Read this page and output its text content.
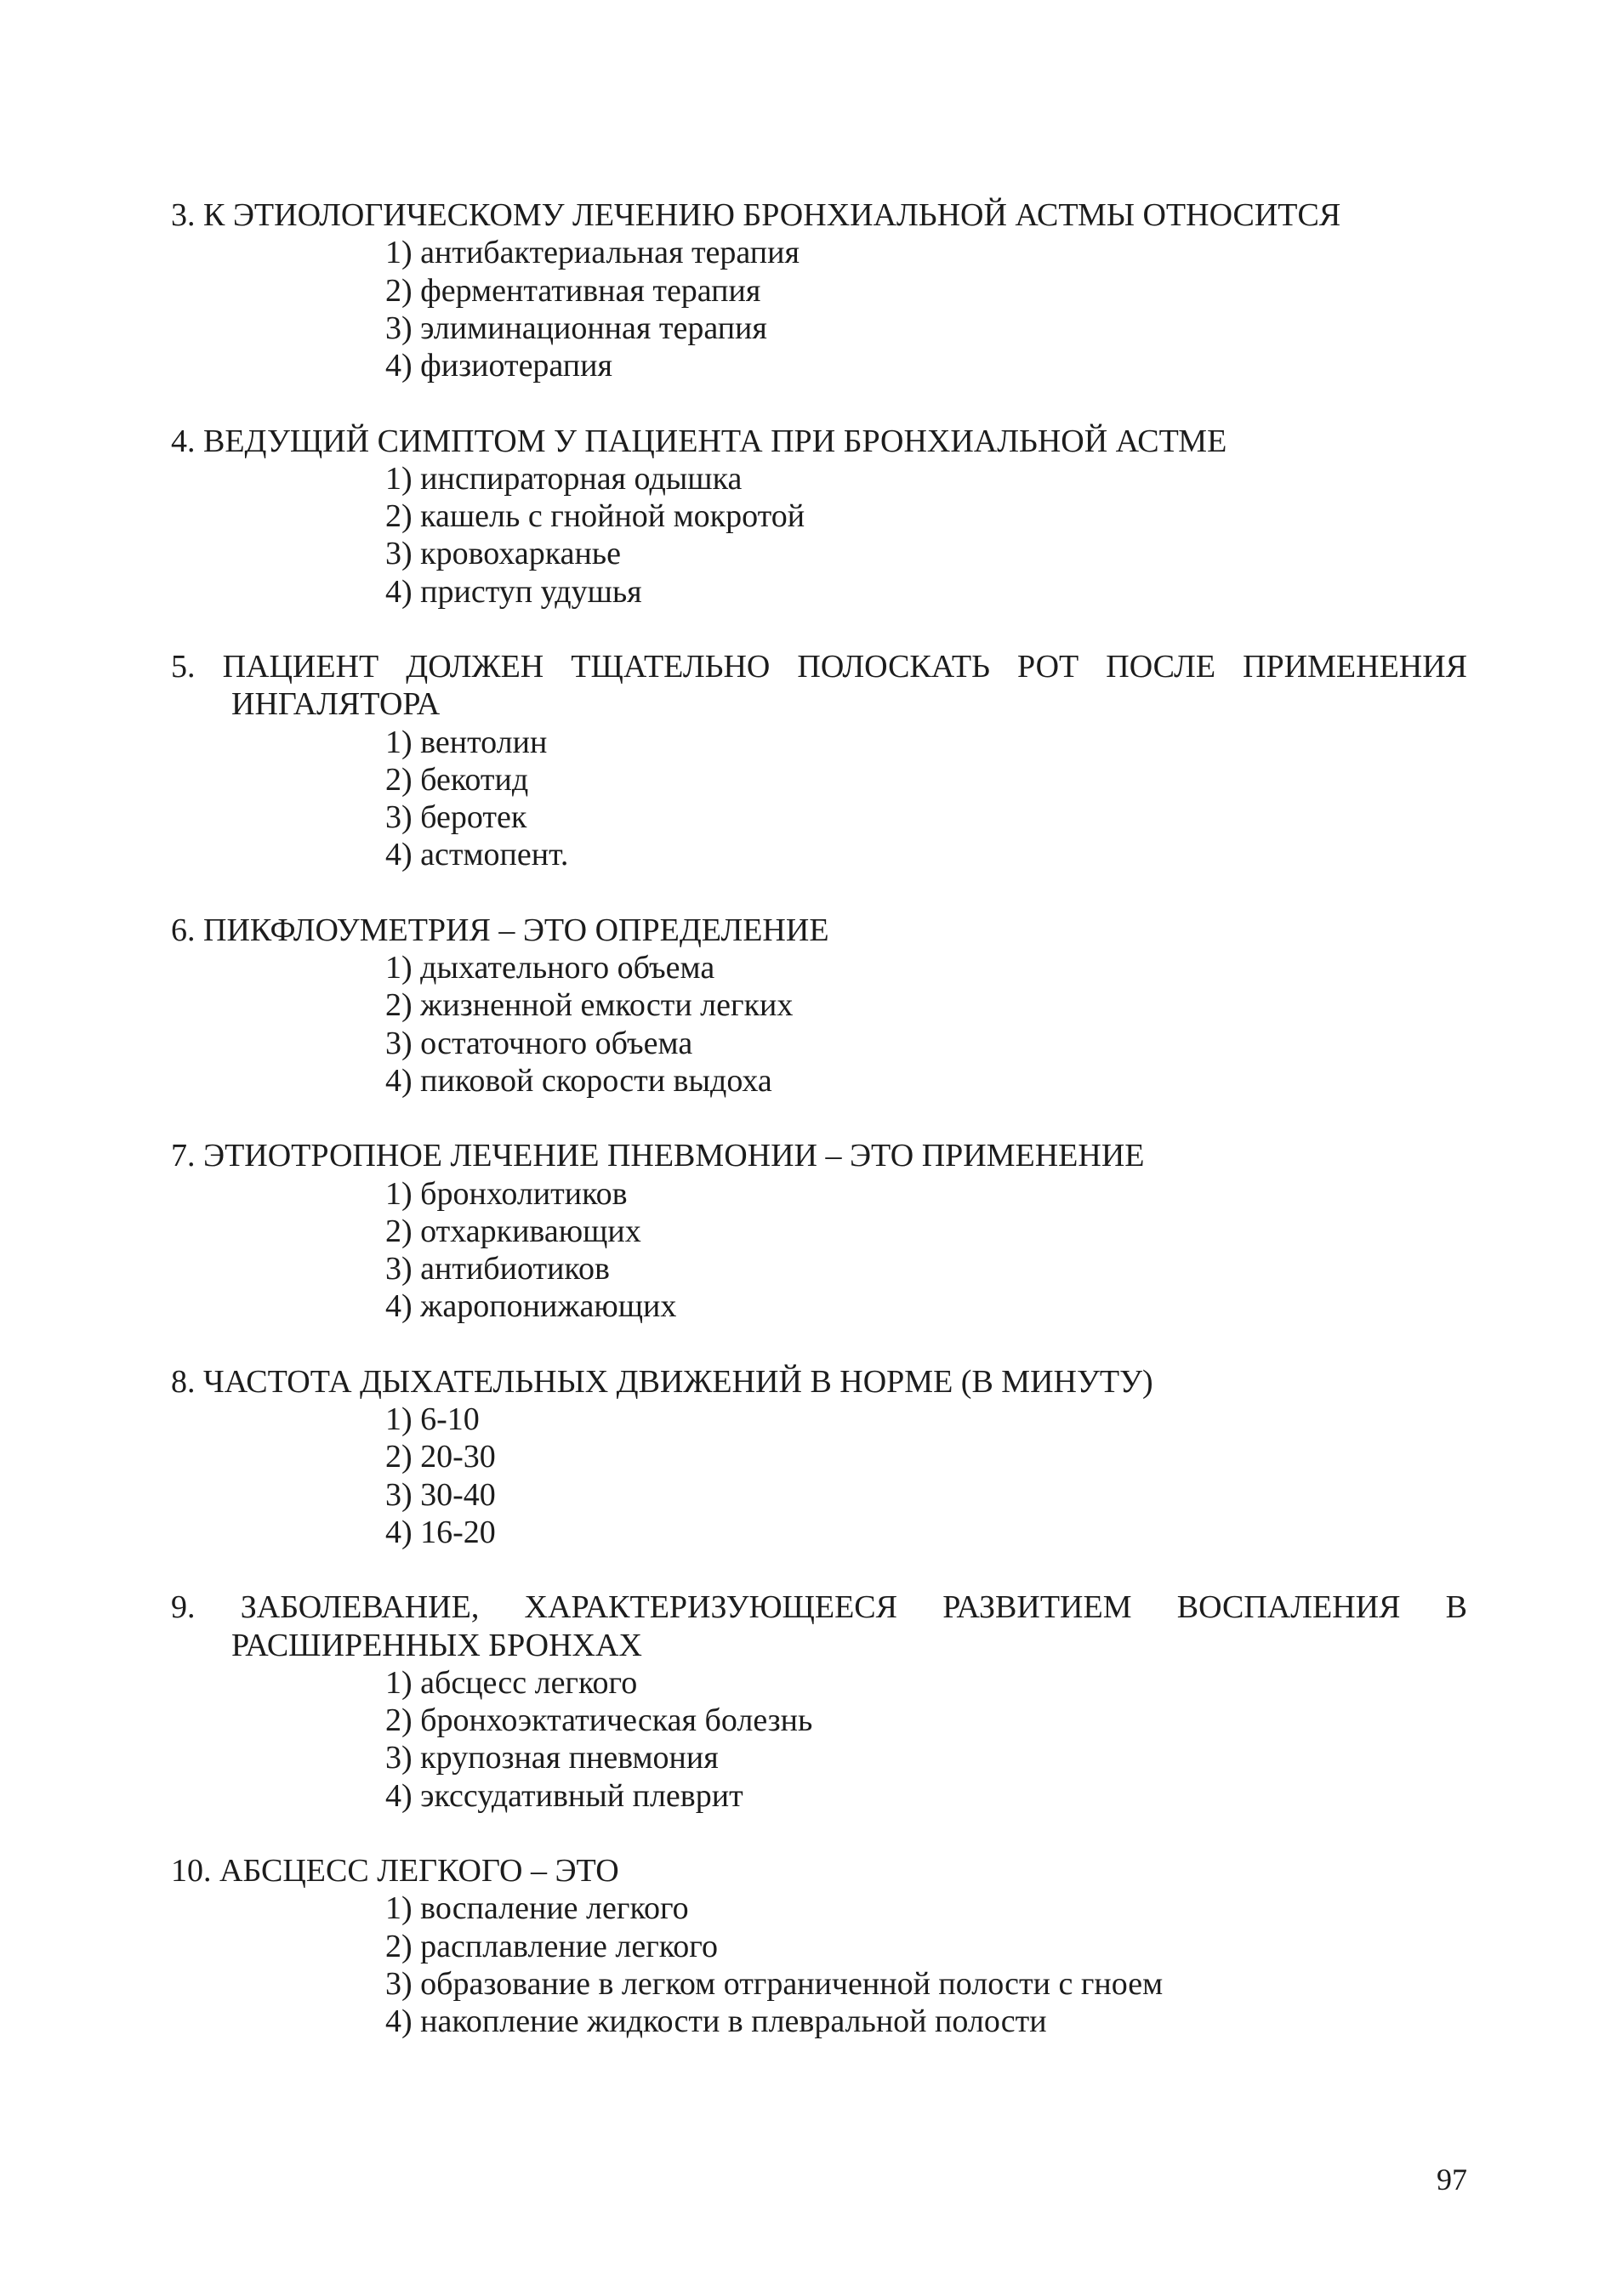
3. К ЭТИОЛОГИЧЕСКОМУ ЛЕЧЕНИЮ БРОНХИАЛЬНОЙ АСТМЫ ОТНОСИТСЯ
1) антибактериальная терапия
2) ферментативная терапия
3) элиминационная терапия
4) физиотерапия
4. ВЕДУЩИЙ СИМПТОМ У ПАЦИЕНТА ПРИ БРОНХИАЛЬНОЙ АСТМЕ
1) инспираторная одышка
2) кашель с гнойной мокротой
3) кровохарканье
4) приступ удушья
5. ПАЦИЕНТ ДОЛЖЕН ТЩАТЕЛЬНО ПОЛОСКАТЬ РОТ ПОСЛЕ ПРИМЕНЕНИЯ
ИНГАЛЯТОРА
1) вентолин
2) бекотид
3) беротек
4) астмопент.
6. ПИКФЛОУМЕТРИЯ – ЭТО ОПРЕДЕЛЕНИЕ
1) дыхательного объема
2) жизненной емкости легких
3) остаточного объема
4) пиковой скорости выдоха
7. ЭТИОТРОПНОЕ ЛЕЧЕНИЕ ПНЕВМОНИИ – ЭТО ПРИМЕНЕНИЕ
1) бронхолитиков
2) отхаркивающих
3) антибиотиков
4) жаропонижающих
8. ЧАСТОТА ДЫХАТЕЛЬНЫХ ДВИЖЕНИЙ В НОРМЕ (В МИНУТУ)
1) 6-10
2) 20-30
3) 30-40
4) 16-20
9. ЗАБОЛЕВАНИЕ, ХАРАКТЕРИЗУЮЩЕЕСЯ РАЗВИТИЕМ ВОСПАЛЕНИЯ В
РАСШИРЕННЫХ БРОНХАХ
1) абсцесс легкого
2) бронхоэктатическая болезнь
3) крупозная пневмония
4) экссудативный плеврит
10. АБСЦЕСС ЛЕГКОГО – ЭТО
1) воспаление легкого
2) расплавление легкого
3) образование в легком отграниченной полости с гноем
4) накопление жидкости в плевральной полости
97
